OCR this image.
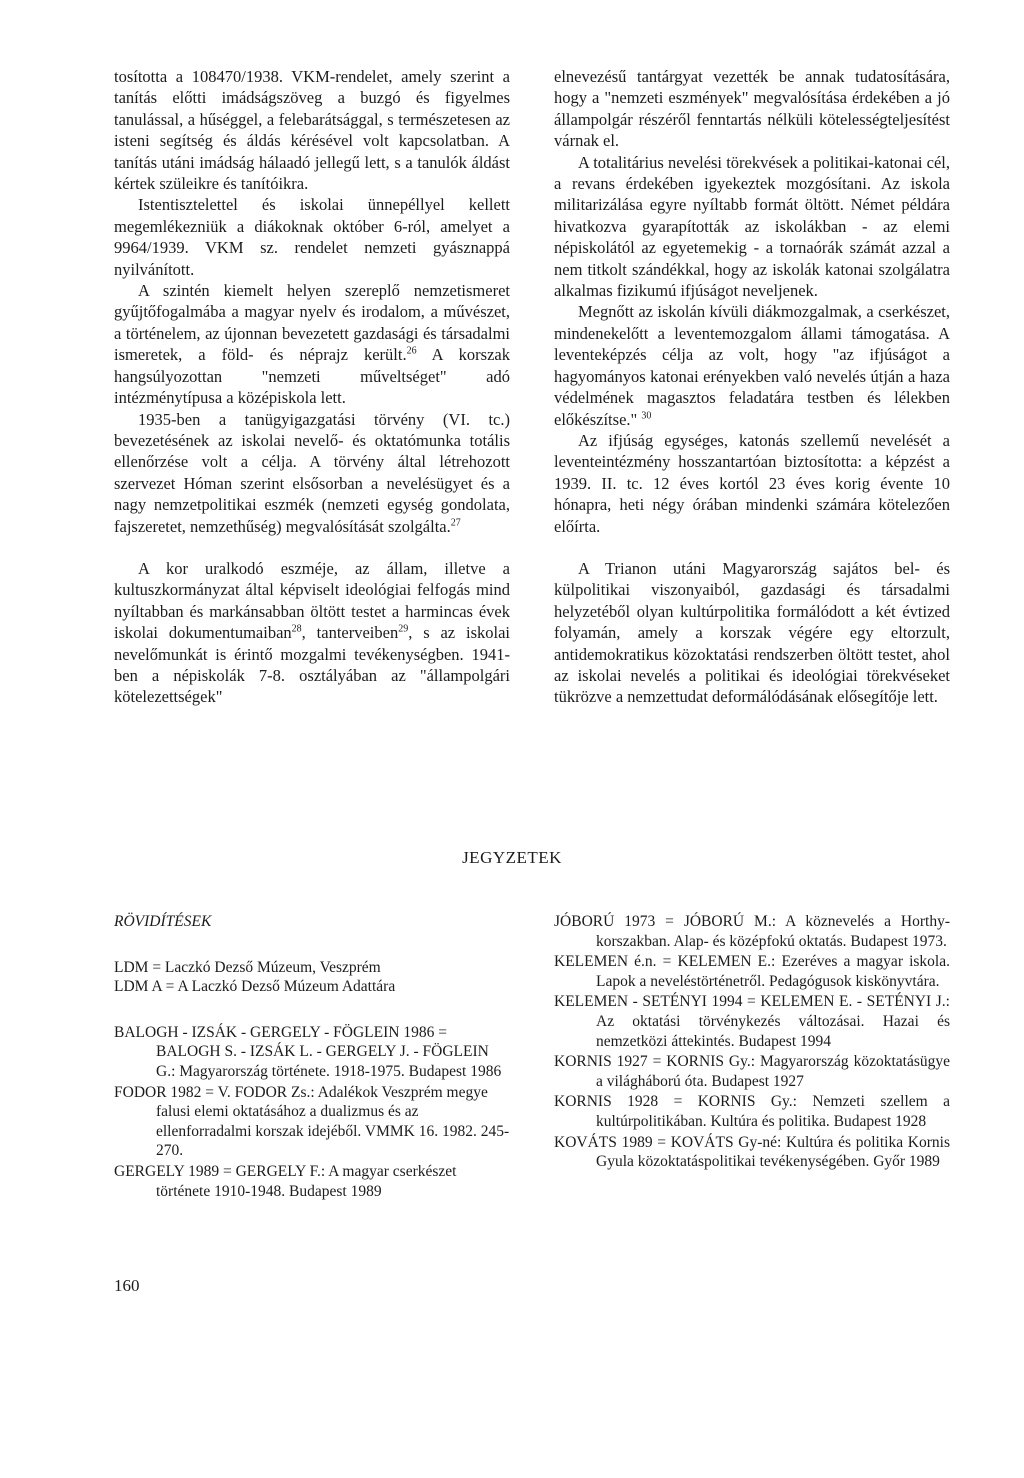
tosította a 108470/1938. VKM-rendelet, amely szerint a tanítás előtti imádságszöveg a buzgó és figyelmes tanulással, a hűséggel, a felebarátsággal, s természetesen az isteni segítség és áldás kérésével volt kapcsolatban. A tanítás utáni imádság hálaadó jellegű lett, s a tanulók áldást kértek szüleikre és tanítóikra.

Istentisztelettel és iskolai ünnepéllyel kellett megemlékezniük a diákoknak október 6-ról, amelyet a 9964/1939. VKM sz. rendelet nemzeti gyásznappá nyilvánított.

A szintén kiemelt helyen szereplő nemzetismeret gyűjtőfogalmába a magyar nyelv és irodalom, a művészet, a történelem, az újonnan bevezetett gazdasági és társadalmi ismeretek, a föld- és néprajz került.$^{26}$ A korszak hangsúlyozottan "nemzeti műveltséget" adó intézménytípusa a középiskola lett.

1935-ben a tanügyigazgatási törvény (VI. tc.) bevezetésének az iskolai nevelő- és oktatómunka totális ellenőrzése volt a célja. A törvény által létrehozott szervezet Hóman szerint elsősorban a nevelésügyet és a nagy nemzetpolitikai eszmék (nemzeti egység gondolata, fajszeretet, nemzethűség) megvalósítását szolgálta.$^{27}$

A kor uralkodó eszméje, az állam, illetve a kultuszkormányzat által képviselt ideológiai felfogás mind nyíltabban és markánsabban öltött testet a harmincas évek iskolai dokumentumaiban$^{28}$, tanterveiben$^{29}$, s az iskolai nevelőmunkát is érintő mozgalmi tevékenységben. 1941-ben a népiskolák 7-8. osztályában az "állampolgári kötelezettségek"

elnevezésű tantárgyat vezették be annak tudatosítására, hogy a "nemzeti eszmények" megvalósítása érdekében a jó állampolgár részéről fenntartás nélküli kötelességteljesítést várnak el.

A totalitárius nevelési törekvések a politikai-katonai cél, a revans érdekében igyekeztek mozgósítani. Az iskola militarizálása egyre nyíltabb formát öltött. Német példára hivatkozva gyarapították az iskolákban - az elemi népiskolától az egyetemekig - a tornaórák számát azzal a nem titkolt szándékkal, hogy az iskolák katonai szolgálatra alkalmas fizikumú ifjúságot neveljenek.

Megnőtt az iskolán kívüli diákmozgalmak, a cserkészet, mindenekelőtt a leventemozgalom állami támogatása. A leventeképzés célja az volt, hogy "az ifjúságot a hagyományos katonai erényekben való nevelés útján a haza védelmének magasztos feladatára testben és lélekben előkészítse." $^{30}$

Az ifjúság egységes, katonás szellemű nevelését a leventeintézmény hosszantartóan biztosította: a képzést a 1939. II. tc. 12 éves kortól 23 éves korig évente 10 hónapra, heti négy órában mindenki számára kötelezően előírta.

A Trianon utáni Magyarország sajátos bel- és külpolitikai viszonyaiból, gazdasági és társadalmi helyzetéből olyan kultúrpolitika formálódott a két évtized folyamán, amely a korszak végére egy eltorzult, antidemokratikus közoktatási rendszerben öltött testet, ahol az iskolai nevelés a politikai és ideológiai törekvéseket tükrözve a nemzettudat deformálódásának elősegítője lett.

JEGYZETEK
RÖVIDÍTÉSEK

LDM = Laczkó Dezső Múzeum, Veszprém

LDM A = A Laczkó Dezső Múzeum Adattára

BALOGH - IZSÁK - GERGELY - FÖGLEIN 1986 = BALOGH S. - IZSÁK L. - GERGELY J. - FÖGLEIN G.: Magyarország története. 1918-1975. Budapest 1986

FODOR 1982 = V. FODOR Zs.: Adalékok Veszprém megye falusi elemi oktatásához a dualizmus és az ellenforradalmi korszak idejéből. VMMK 16. 1982. 245-270.

GERGELY 1989 = GERGELY F.: A magyar cserkészet története 1910-1948. Budapest 1989

JÓBORÚ 1973 = JÓBORÚ M.: A köznevelés a Horthy-korszakban. Alap- és középfokú oktatás. Budapest 1973.

KELEMEN é.n. = KELEMEN E.: Ezeréves a magyar iskola. Lapok a neveléstörténetről. Pedagógusok kiskönyvtára.

KELEMEN - SETÉNYI 1994 = KELEMEN E. - SETÉNYI J.: Az oktatási törvénykezés változásai. Hazai és nemzetközi áttekintés. Budapest 1994

KORNIS 1927 = KORNIS Gy.: Magyarország közoktatásügye a világháború óta. Budapest 1927

KORNIS 1928 = KORNIS Gy.: Nemzeti szellem a kultúrpolitikában. Kultúra és politika. Budapest 1928

KOVÁTS 1989 = KOVÁTS Gy-né: Kultúra és politika Kornis Gyula közoktatáspolitikai tevékenységében. Győr 1989

160
